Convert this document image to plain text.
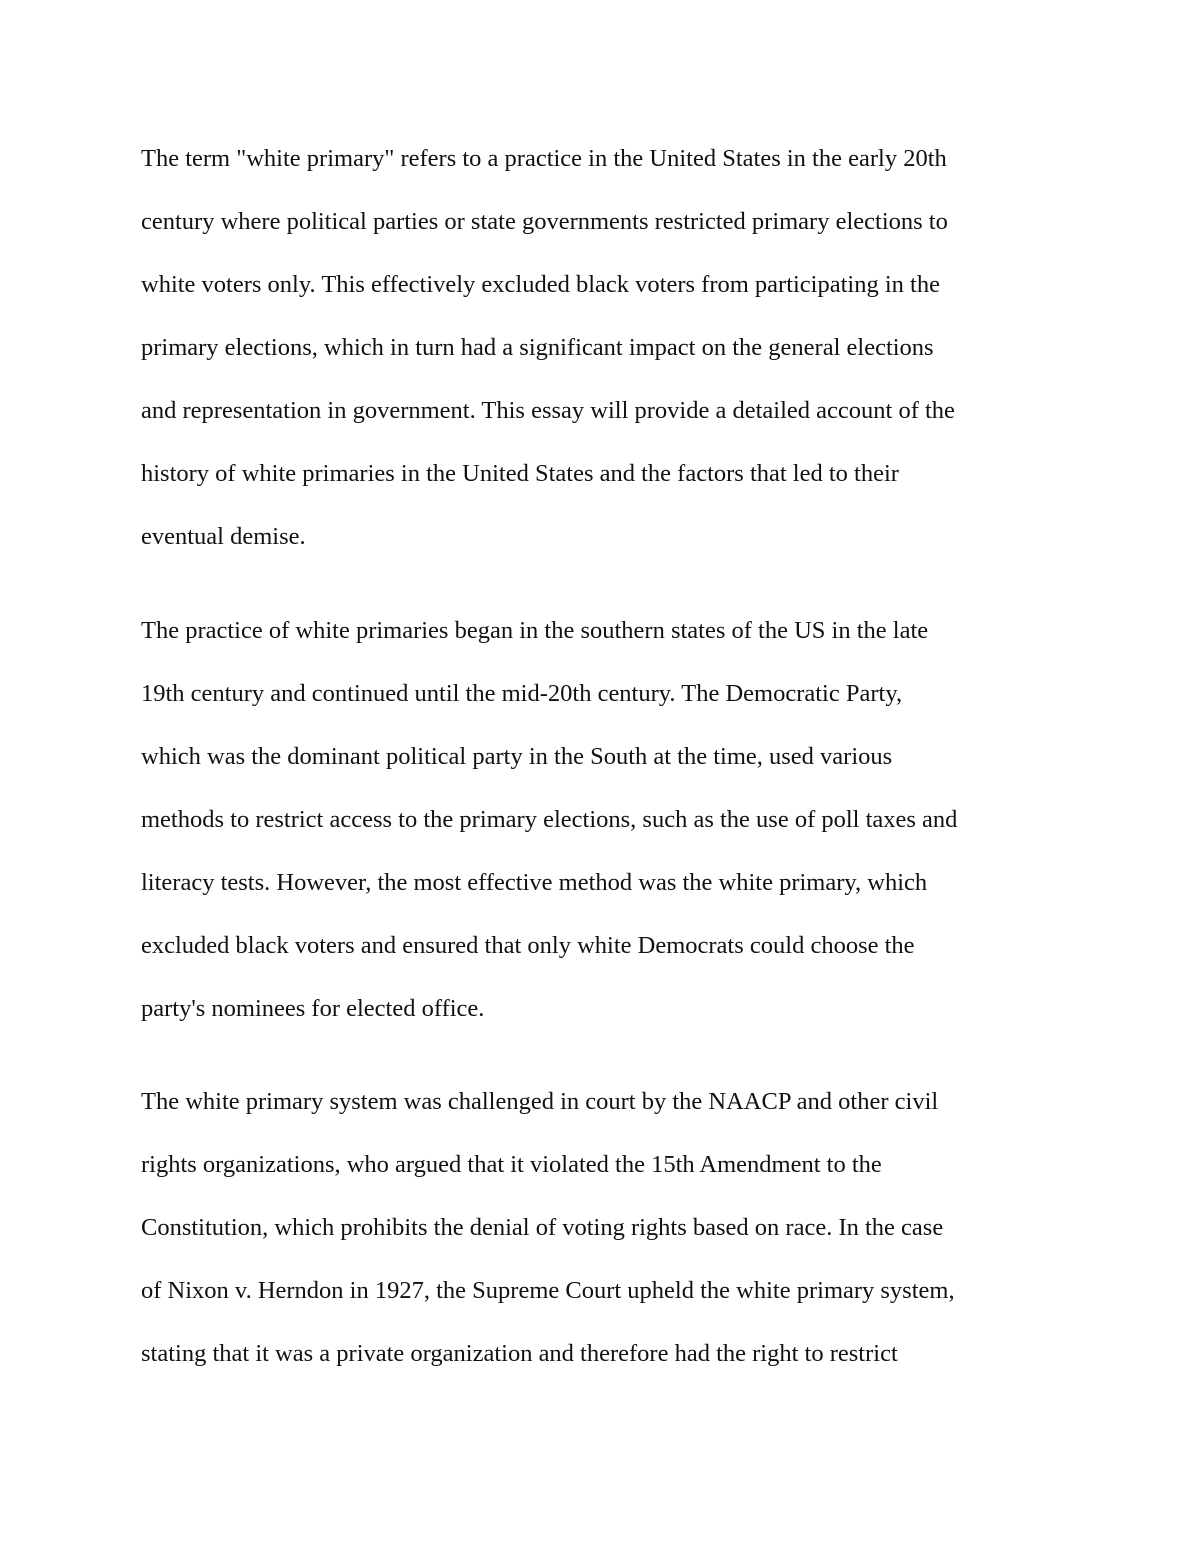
The term "white primary" refers to a practice in the United States in the early 20th

century where political parties or state governments restricted primary elections to

white voters only. This effectively excluded black voters from participating in the

primary elections, which in turn had a significant impact on the general elections

and representation in government. This essay will provide a detailed account of the

history of white primaries in the United States and the factors that led to their

eventual demise.

The practice of white primaries began in the southern states of the US in the late

19th century and continued until the mid-20th century. The Democratic Party,

which was the dominant political party in the South at the time, used various

methods to restrict access to the primary elections, such as the use of poll taxes and

literacy tests. However, the most effective method was the white primary, which

excluded black voters and ensured that only white Democrats could choose the

party's nominees for elected office.

The white primary system was challenged in court by the NAACP and other civil

rights organizations, who argued that it violated the 15th Amendment to the

Constitution, which prohibits the denial of voting rights based on race. In the case

of Nixon v. Herndon in 1927, the Supreme Court upheld the white primary system,

stating that it was a private organization and therefore had the right to restrict
